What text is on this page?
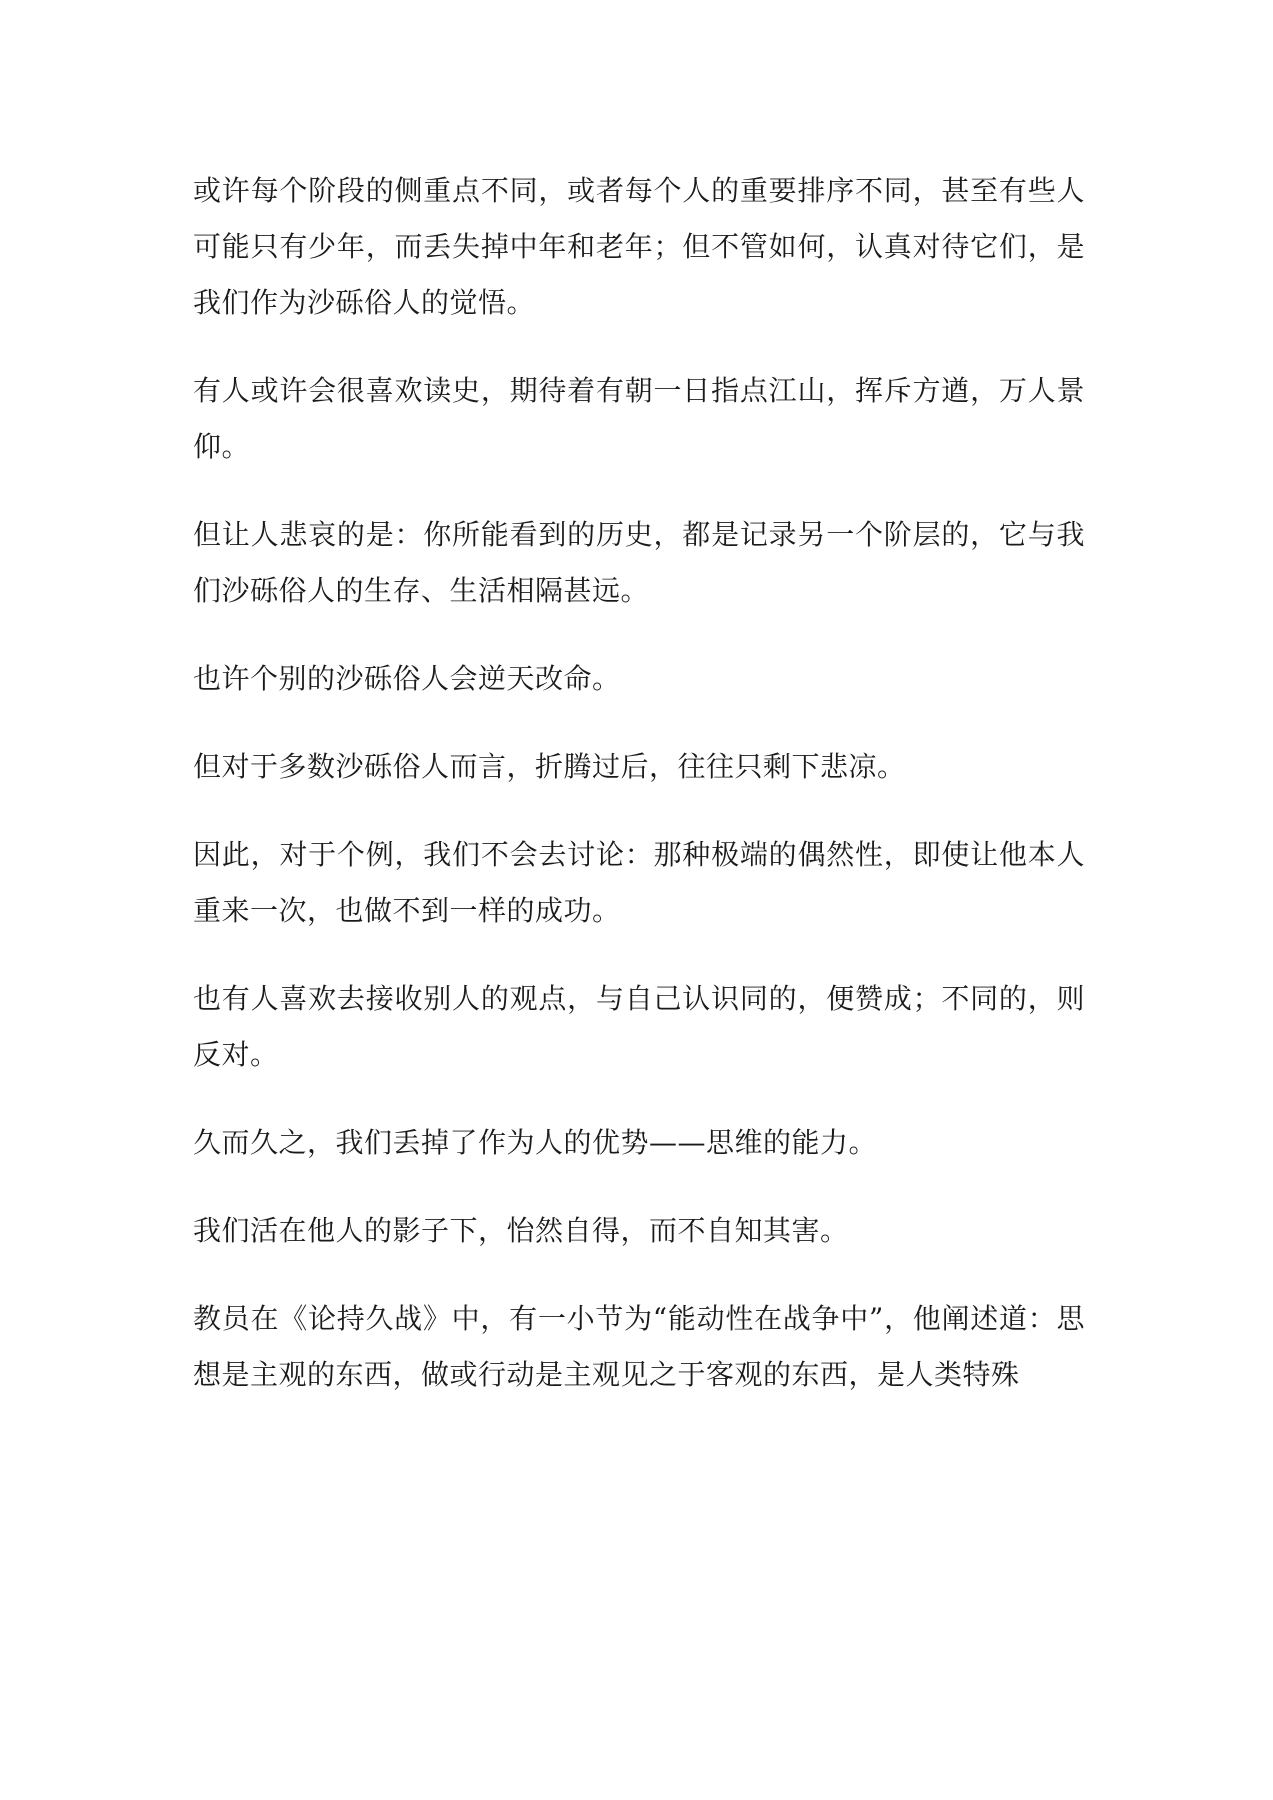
或许每个阶段的侧重点不同，或者每个人的重要排序不同，甚至有些人可能只有少年，而丢失掉中年和老年；但不管如何，认真对待它们，是我们作为沙砾俗人的觉悟。

有人或许会很喜欢读史，期待着有朝一日指点江山，挥斥方遒，万人景仰。

但让人悲哀的是：你所能看到的历史，都是记录另一个阶层的，它与我们沙砾俗人的生存、生活相隔甚远。

也许个别的沙砾俗人会逆天改命。

但对于多数沙砾俗人而言，折腾过后，往往只剩下悲凉。

因此，对于个例，我们不会去讨论：那种极端的偶然性，即使让他本人重来一次，也做不到一样的成功。

也有人喜欢去接收别人的观点，与自己认识同的，便赞成；不同的，则反对。

久而久之，我们丢掉了作为人的优势——思维的能力。

我们活在他人的影子下，怡然自得，而不自知其害。

教员在《论持久战》中，有一小节为“能动性在战争中”，他阐述道：思想是主观的东西，做或行动是主观见之于客观的东西，是人类特殊
